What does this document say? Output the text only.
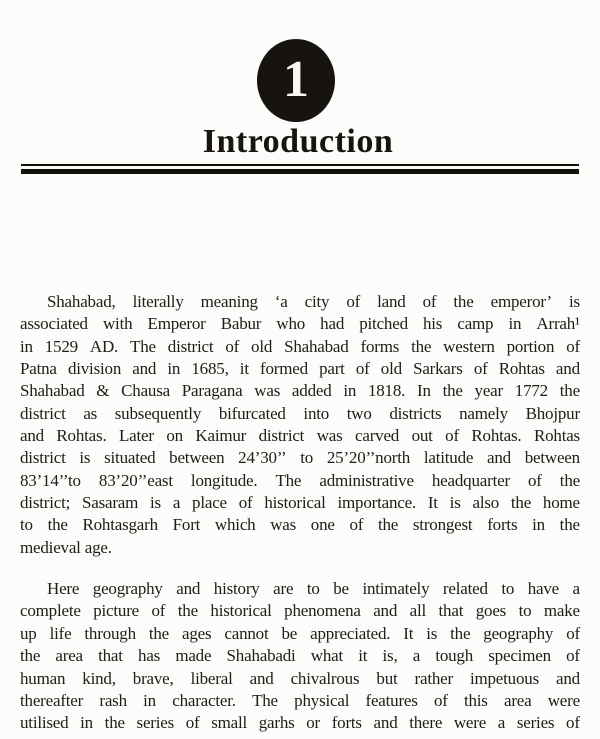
1
Introduction
Shahabad, literally meaning ‘a city of land of the emperor’ is
associated with Emperor Babur who had pitched his camp in Arrah¹
in 1529 AD. The district of old Shahabad forms the western portion of
Patna division and in 1685, it formed part of old Sarkars of Rohtas and
Shahabad & Chausa Paragana was added in 1818. In the year 1772 the
district as subsequently bifurcated into two districts namely Bhojpur
and Rohtas. Later on Kaimur district was carved out of Rohtas. Rohtas
district is situated between 24’30’’ to 25’20’’north latitude and between
83’14’’to 83’20’’east longitude. The administrative headquarter of the
district; Sasaram is a place of historical importance. It is also the home
to the Rohtasgarh Fort which was one of the strongest forts in the
medieval age.
Here geography and history are to be intimately related to have a
complete picture of the historical phenomena and all that goes to make
up life through the ages cannot be appreciated. It is the geography of
the area that has made Shahabadi what it is, a tough specimen of
human kind, brave, liberal and chivalrous but rather impetuous and
thereafter rash in character. The physical features of this area were
utilised in the series of small garhs or forts and there were a series of
